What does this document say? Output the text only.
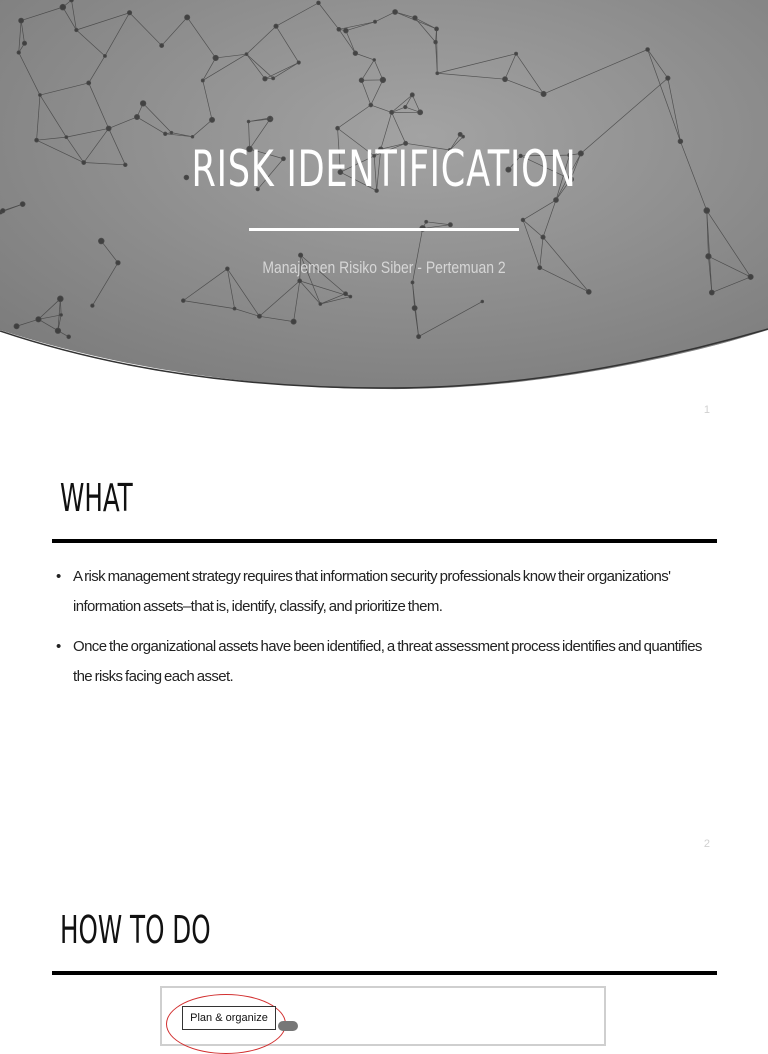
RISK IDENTIFICATION
Manajemen Risiko Siber - Pertemuan 2
1
WHAT
• A risk management strategy requires that information security professionals know their organizations' information assets–that is, identify, classify, and prioritize them.
• Once the organizational assets have been identified, a threat assessment process identifies and quantifies the risks facing each asset.
2
HOW TO DO
Plan & organize
